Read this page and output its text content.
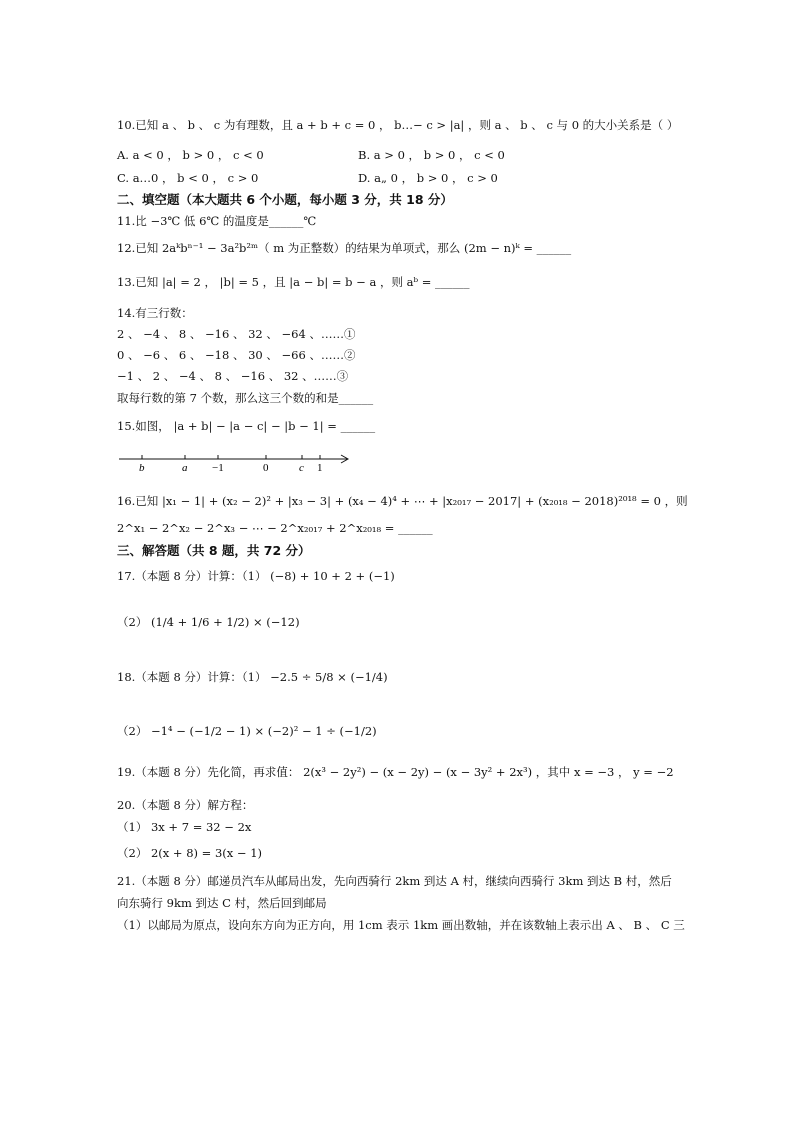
10.已知 a 、 b 、 c 为有理数，且 a + b + c = 0 ， b…− c > |a| ，则 a 、 b 、 c 与 0 的大小关系是（ ）
A. a < 0 ， b > 0 ， c < 0	B. a > 0 ， b > 0 ， c < 0
C. a…0 ， b < 0 ， c > 0	D. a„ 0 ， b > 0 ， c > 0
二、填空题（本大题共 6 个小题，每小题 3 分，共 18 分）
11.比 −3℃ 低 6℃ 的温度是______℃
12.已知 2aᵏbⁿ⁻¹ − 3a²b²ᵐ（ m 为正整数）的结果为单项式，那么 (2m − n)ᵏ = ______
13.已知 |a| = 2 ， |b| = 5 ，且 |a − b| = b − a ，则 aᵇ = ______
14.有三行数：
2 、 −4 、 8 、 −16 、 32 、 −64 、……①
0 、 −6 、 6 、 −18 、 30 、 −66 、……②
−1 、 2 、 −4 、 8 、 −16 、 32 、……③
取每行数的第 7 个数，那么这三个数的和是______
15.如图， |a + b| − |a − c| − |b − 1| = ______
b	a −1	0	c 1
16.已知 |x₁ − 1| + (x₂ − 2)² + |x₃ − 3| + (x₄ − 4)⁴ + ⋯ + |x₂₀₁₇ − 2017| + (x₂₀₁₈ − 2018)²⁰¹⁸ = 0 ，则
2^x₁ − 2^x₂ − 2^x₃ − ⋯ − 2^x₂₀₁₇ + 2^x₂₀₁₈ = ______
三、解答题（共 8 题，共 72 分）
17.（本题 8 分）计算：（1） (−8) + 10 + 2 + (−1)
（2） (1/4 + 1/6 + 1/2) × (−12)
18.（本题 8 分）计算：（1） −2.5 ÷ 5/8 × (−1/4)
（2） −1⁴ − (−1/2 − 1) × (−2)² − 1 ÷ (−1/2)
19.（本题 8 分）先化简，再求值： 2(x³ − 2y²) − (x − 2y) − (x − 3y² + 2x³) ，其中 x = −3 ， y = −2
20.（本题 8 分）解方程：
（1） 3x + 7 = 32 − 2x
（2） 2(x + 8) = 3(x − 1)
21.（本题 8 分）邮递员汽车从邮局出发，先向西骑行 2km 到达 A 村，继续向西骑行 3km 到达 B 村，然后
向东骑行 9km 到达 C 村，然后回到邮局
（1）以邮局为原点，设向东方向为正方向，用 1cm 表示 1km 画出数轴，并在该数轴上表示出 A 、 B 、 C 三
